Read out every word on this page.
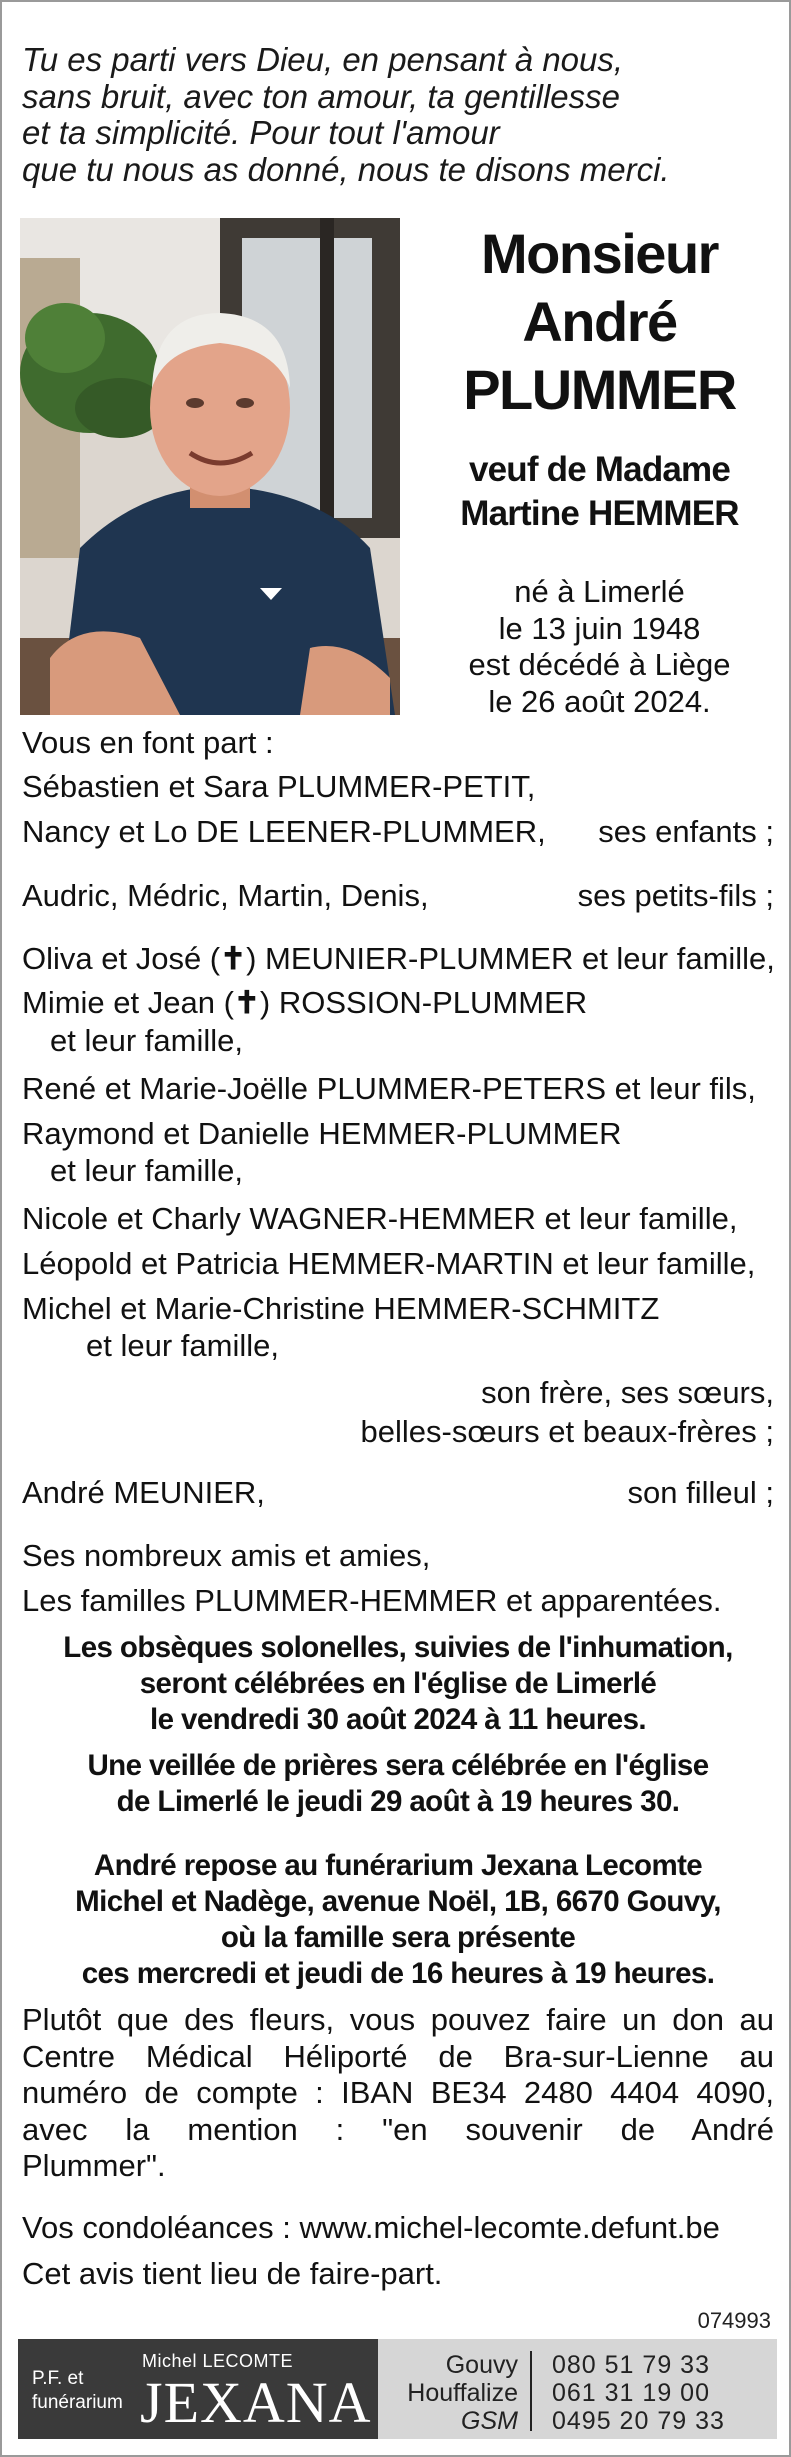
Tu es parti vers Dieu, en pensant à nous,
sans bruit, avec ton amour, ta gentillesse
et ta simplicité. Pour tout l'amour
que tu nous as donné, nous te disons merci.
Monsieur
André
PLUMMER
veuf de Madame
Martine HEMMER
né à Limerlé
le 13 juin 1948
est décédé à Liège
le 26 août 2024.
Vous en font part :
Sébastien et Sara PLUMMER-PETIT,
Nancy et Lo DE LEENER-PLUMMER, ses enfants ;
Audric, Médric, Martin, Denis,	ses petits-fils ;
Oliva et José (✝) MEUNIER-PLUMMER et leur famille,
Mimie et Jean (✝) ROSSION-PLUMMER
et leur famille,
René et Marie-Joëlle PLUMMER-PETERS et leur fils,
Raymond et Danielle HEMMER-PLUMMER
et leur famille,
Nicole et Charly WAGNER-HEMMER et leur famille,
Léopold et Patricia HEMMER-MARTIN et leur famille,
Michel et Marie-Christine HEMMER-SCHMITZ
et leur famille,
son frère, ses sœurs,
belles-sœurs et beaux-frères ;
André MEUNIER,	son filleul ;
Ses nombreux amis et amies,
Les familles PLUMMER-HEMMER et apparentées.
Les obsèques solonelles, suivies de l'inhumation,
seront célébrées en l'église de Limerlé
le vendredi 30 août 2024 à 11 heures.
Une veillée de prières sera célébrée en l'église
de Limerlé le jeudi 29 août à 19 heures 30.
André repose au funérarium Jexana Lecomte
Michel et Nadège, avenue Noël, 1B, 6670 Gouvy,
où la famille sera présente
ces mercredi et jeudi de 16 heures à 19 heures.
Plutôt que des fleurs, vous pouvez faire un don au
Centre Médical Héliporté de Bra-sur-Lienne au
numéro de compte : IBAN BE34 2480 4404 4090,
avec la mention : "en souvenir de André
Plummer".
Vos condoléances : www.michel-lecomte.defunt.be
Cet avis tient lieu de faire-part.
074993
P.F. et
funérarium
Michel LECOMTE
JEXANA
Gouvy
Houffalize
GSM
080 51 79 33
061 31 19 00
0495 20 79 33
